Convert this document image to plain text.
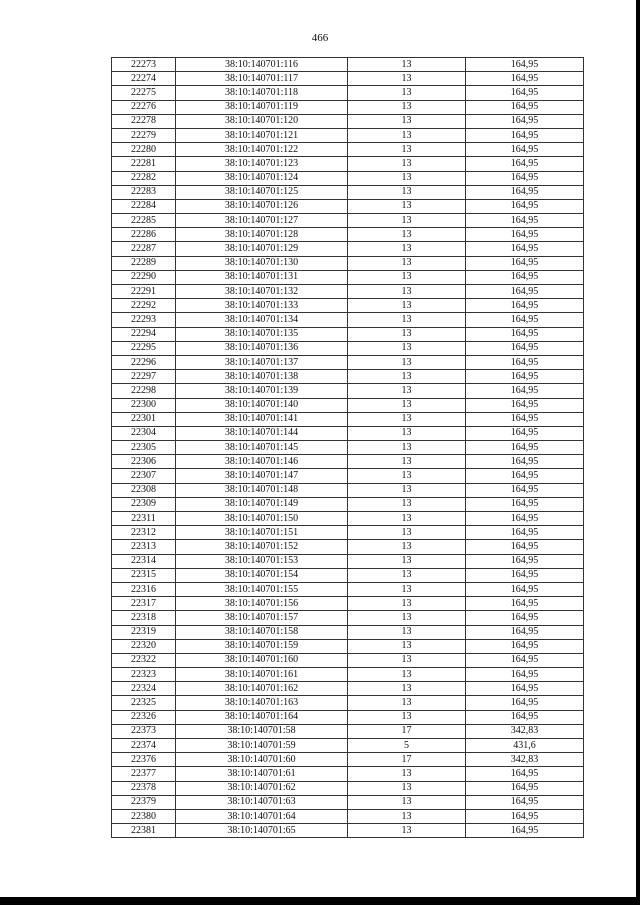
466
22273	38:10:140701:116	13	164,95
22274	38:10:140701:117	13	164,95
22275	38:10:140701:118	13	164,95
22276	38:10:140701:119	13	164,95
22278	38:10:140701:120	13	164,95
22279	38:10:140701:121	13	164,95
22280	38:10:140701:122	13	164,95
22281	38:10:140701:123	13	164,95
22282	38:10:140701:124	13	164,95
22283	38:10:140701:125	13	164,95
22284	38:10:140701:126	13	164,95
22285	38:10:140701:127	13	164,95
22286	38:10:140701:128	13	164,95
22287	38:10:140701:129	13	164,95
22289	38:10:140701:130	13	164,95
22290	38:10:140701:131	13	164,95
22291	38:10:140701:132	13	164,95
22292	38:10:140701:133	13	164,95
22293	38:10:140701:134	13	164,95
22294	38:10:140701:135	13	164,95
22295	38:10:140701:136	13	164,95
22296	38:10:140701:137	13	164,95
22297	38:10:140701:138	13	164,95
22298	38:10:140701:139	13	164,95
22300	38:10:140701:140	13	164,95
22301	38:10:140701:141	13	164,95
22304	38:10:140701:144	13	164,95
22305	38:10:140701:145	13	164,95
22306	38:10:140701:146	13	164,95
22307	38:10:140701:147	13	164,95
22308	38:10:140701:148	13	164,95
22309	38:10:140701:149	13	164,95
22311	38:10:140701:150	13	164,95
22312	38:10:140701:151	13	164,95
22313	38:10:140701:152	13	164,95
22314	38:10:140701:153	13	164,95
22315	38:10:140701:154	13	164,95
22316	38:10:140701:155	13	164,95
22317	38:10:140701:156	13	164,95
22318	38:10:140701:157	13	164,95
22319	38:10:140701:158	13	164,95
22320	38:10:140701:159	13	164,95
22322	38:10:140701:160	13	164,95
22323	38:10:140701:161	13	164,95
22324	38:10:140701:162	13	164,95
22325	38:10:140701:163	13	164,95
22326	38:10:140701:164	13	164,95
22373	38:10:140701:58	17	342,83
22374	38:10:140701:59	5	431,6
22376	38:10:140701:60	17	342,83
22377	38:10:140701:61	13	164,95
22378	38:10:140701:62	13	164,95
22379	38:10:140701:63	13	164,95
22380	38:10:140701:64	13	164,95
22381	38:10:140701:65	13	164,95
